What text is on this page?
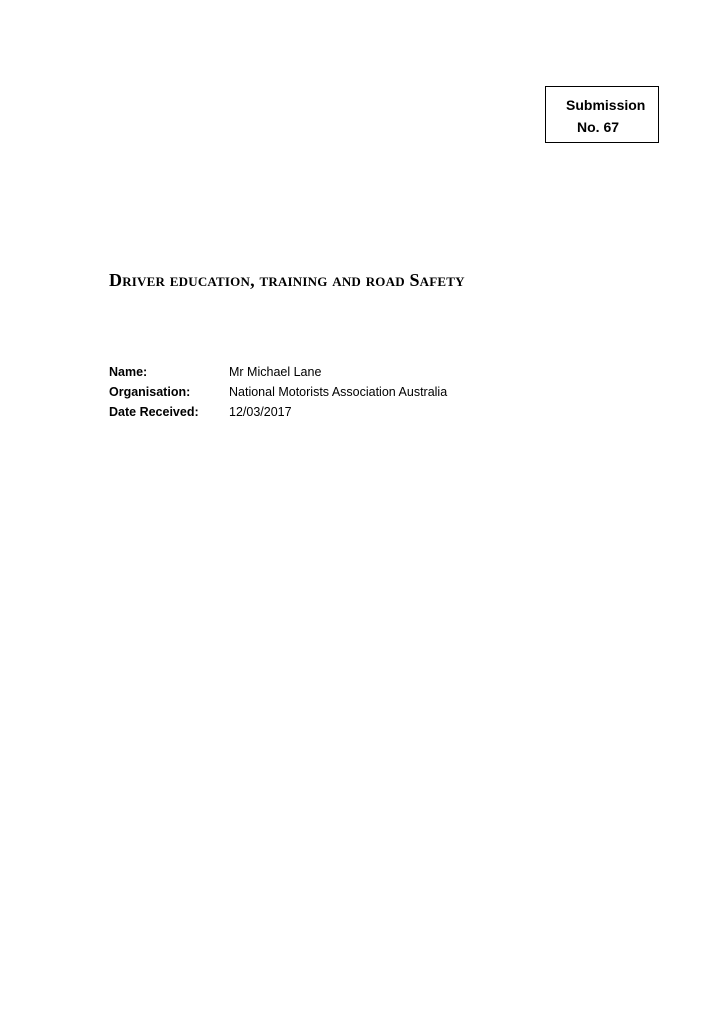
Submission
No. 67
Driver education, training and road Safety
Name:	Mr Michael Lane
Organisation:	National Motorists Association Australia
Date Received:	12/03/2017
